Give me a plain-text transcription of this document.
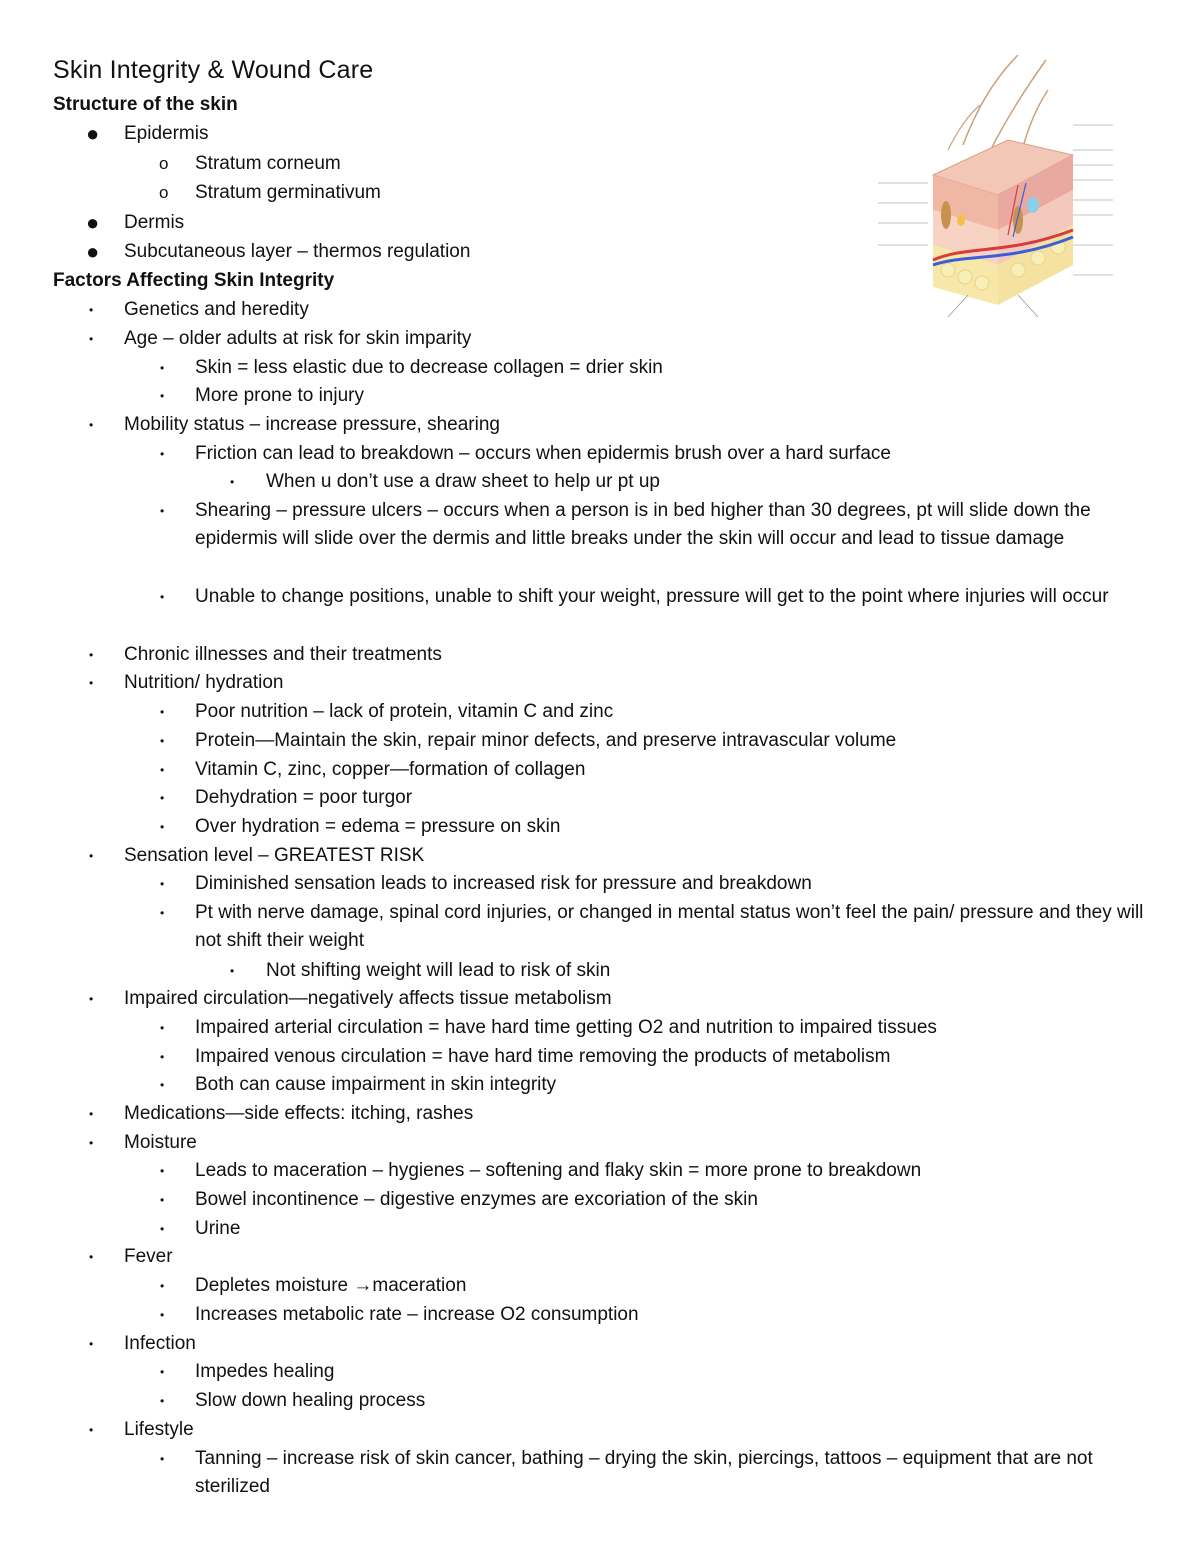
Skin Integrity & Wound Care
Structure of the skin
● Epidermis
o Stratum corneum
o Stratum germinativum
● Dermis
● Subcutaneous layer – thermos regulation
Factors Affecting Skin Integrity
• Genetics and heredity
• Age – older adults at risk for skin imparity
• Skin = less elastic due to decrease collagen = drier skin
• More prone to injury
• Mobility status – increase pressure, shearing
• Friction can lead to breakdown – occurs when epidermis brush over a hard surface
• When u don’t use a draw sheet to help ur pt up
• Shearing – pressure ulcers – occurs when a person is in bed higher than 30 degrees, pt will slide down the epidermis will slide over the dermis and little breaks under the skin will occur and lead to tissue damage
• Unable to change positions, unable to shift your weight, pressure will get to the point where injuries will occur
• Chronic illnesses and their treatments
• Nutrition/ hydration
• Poor nutrition – lack of protein, vitamin C and zinc
• Protein—Maintain the skin, repair minor defects, and preserve intravascular volume
• Vitamin C, zinc, copper—formation of collagen
• Dehydration = poor turgor
• Over hydration = edema = pressure on skin
• Sensation level – GREATEST RISK
• Diminished sensation leads to increased risk for pressure and breakdown
• Pt with nerve damage, spinal cord injuries, or changed in mental status won’t feel the pain/ pressure and they will not shift their weight
• Not shifting weight will lead to risk of skin
• Impaired circulation—negatively affects tissue metabolism
• Impaired arterial circulation = have hard time getting O2 and nutrition to impaired tissues
• Impaired venous circulation = have hard time removing the products of metabolism
• Both can cause impairment in skin integrity
• Medications—side effects: itching, rashes
• Moisture
• Leads to maceration – hygienes – softening and flaky skin = more prone to breakdown
• Bowel incontinence – digestive enzymes are excoriation of the skin
• Urine
• Fever
• Depletes moisture →maceration
• Increases metabolic rate – increase O2 consumption
• Infection
• Impedes healing
• Slow down healing process
• Lifestyle
• Tanning – increase risk of skin cancer, bathing – drying the skin, piercings, tattoos – equipment that are not sterilized
